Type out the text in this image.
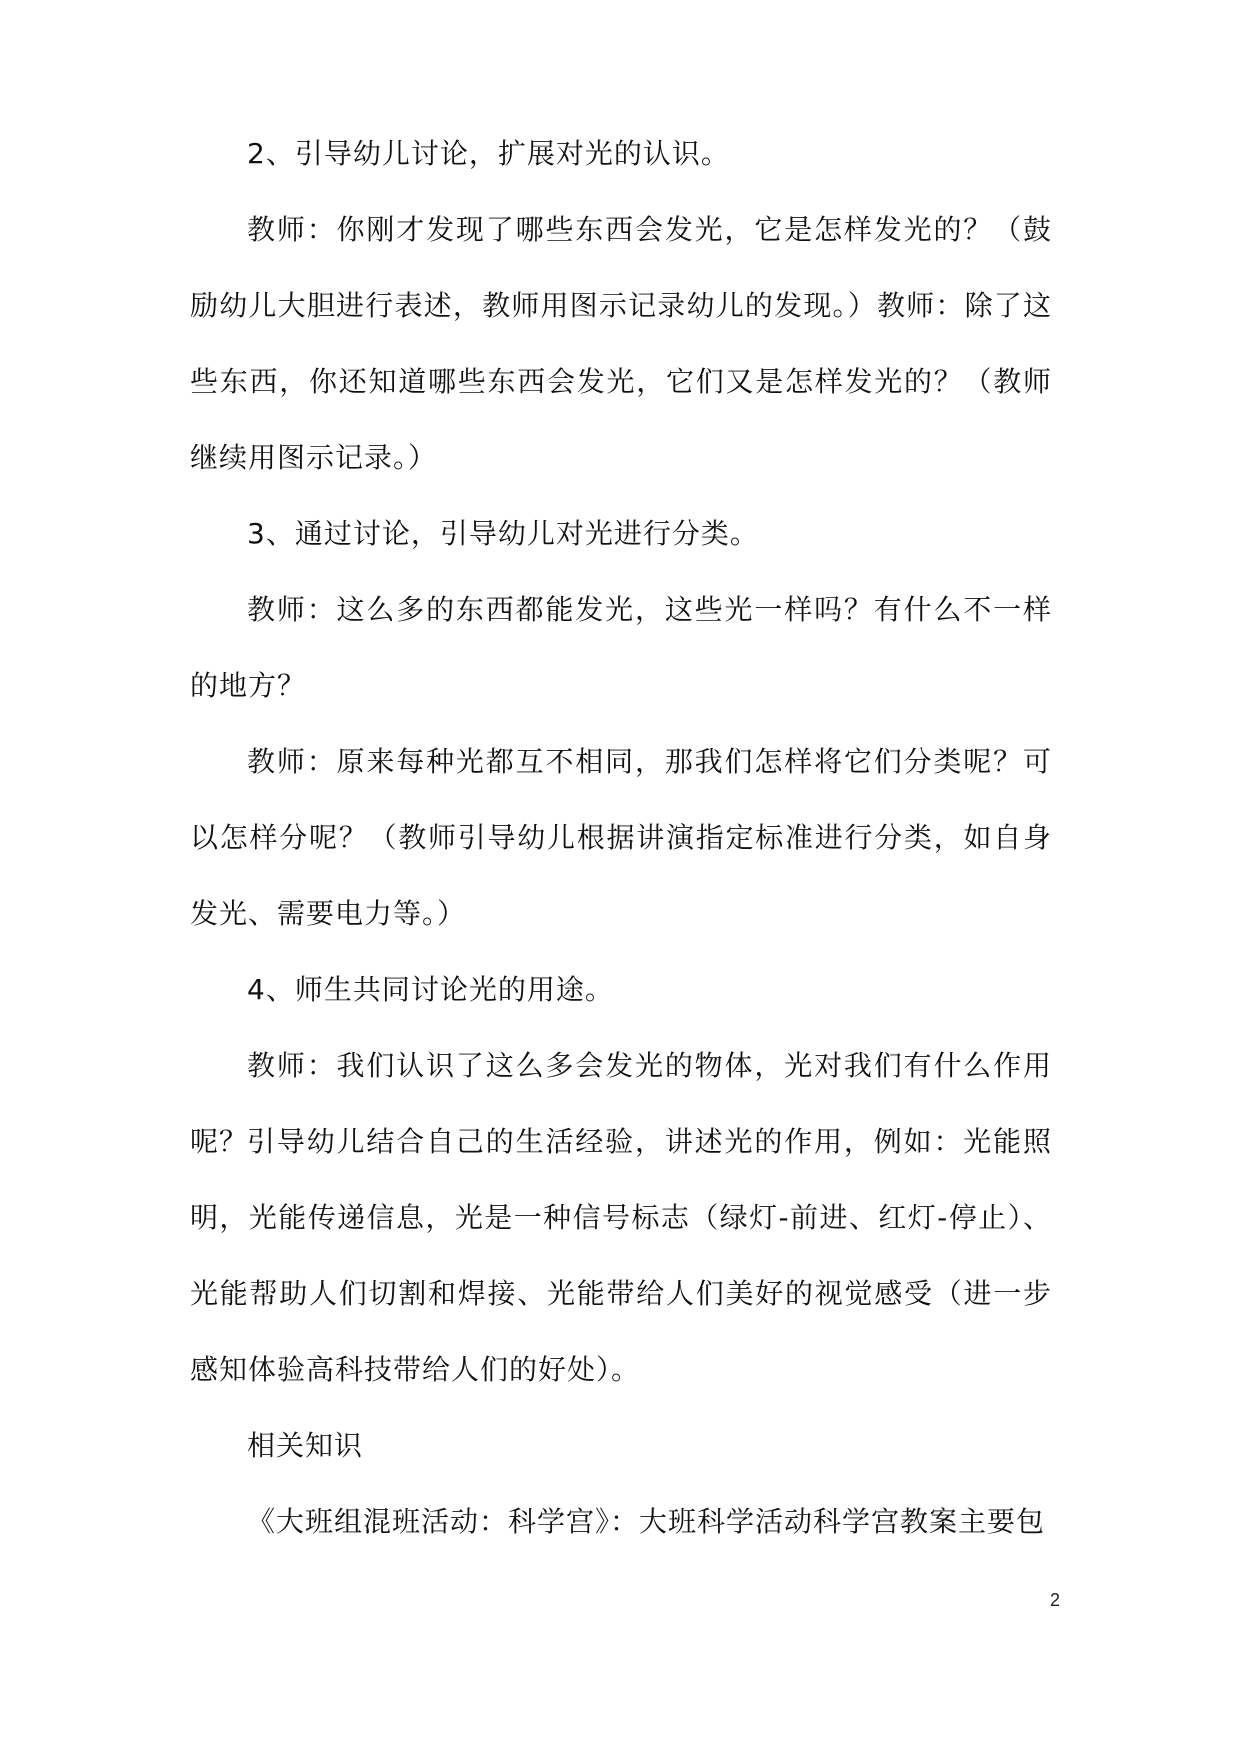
2、引导幼儿讨论，扩展对光的认识。

教师：你刚才发现了哪些东西会发光，它是怎样发光的？（鼓励幼儿大胆进行表述，教师用图示记录幼儿的发现。）教师：除了这些东西，你还知道哪些东西会发光，它们又是怎样发光的？（教师继续用图示记录。）

3、通过讨论，引导幼儿对光进行分类。

教师：这么多的东西都能发光，这些光一样吗？有什么不一样的地方？

教师：原来每种光都互不相同，那我们怎样将它们分类呢？可以怎样分呢？（教师引导幼儿根据讲演指定标准进行分类，如自身发光、需要电力等。）

4、师生共同讨论光的用途。

教师：我们认识了这么多会发光的物体，光对我们有什么作用呢？

引导幼儿结合自己的生活经验，讲述光的作用，例如：光能照明，光能传递信息，光是一种信号标志（绿灯-前进、红灯-停止）、光能帮助人们切割和焊接、光能带给人们美好的视觉感受（进一步感知体验高科技带给人们的好处）。

相关知识

《大班组混班活动：科学宫》：大班科学活动科学宫教案主要包

2
